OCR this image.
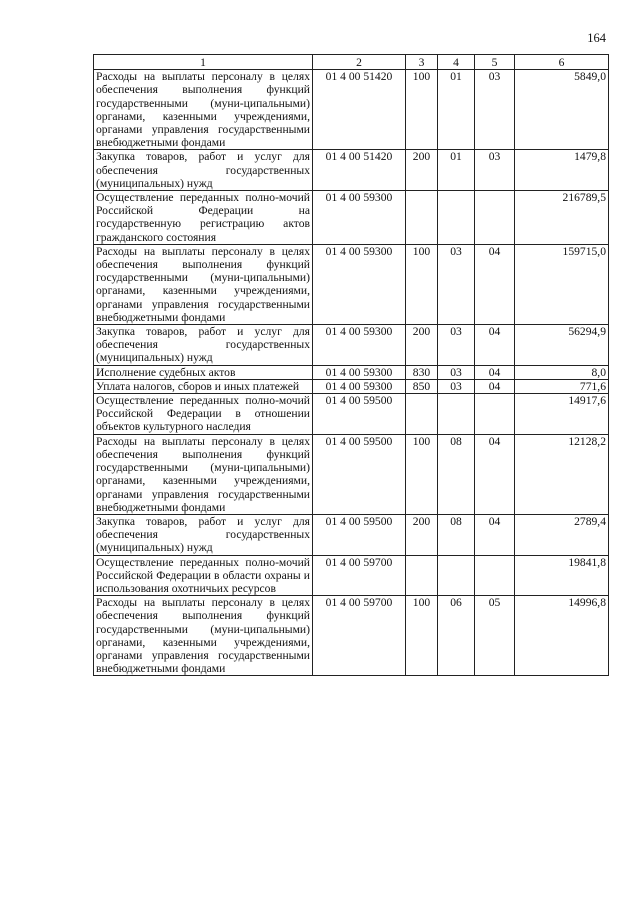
164
1	2	3	4	5	6
Расходы на выплаты персоналу в целях обеспечения выполнения функций государственными (муни-ципальными) органами, казенными учреждениями, органами управления государственными внебюджетными фондами	01 4 00 51420	100	01	03	5849,0
Закупка товаров, работ и услуг для обеспечения государственных (муниципальных) нужд	01 4 00 51420	200	01	03	1479,8
Осуществление переданных полно-мочий Российской Федерации на государственную регистрацию актов гражданского состояния	01 4 00 59300				216789,5
Расходы на выплаты персоналу в целях обеспечения выполнения функций государственными (муни-ципальными) органами, казенными учреждениями, органами управления государственными внебюджетными фондами	01 4 00 59300	100	03	04	159715,0
Закупка товаров, работ и услуг для обеспечения государственных (муниципальных) нужд	01 4 00 59300	200	03	04	56294,9
Исполнение судебных актов	01 4 00 59300	830	03	04	8,0
Уплата налогов, сборов и иных платежей	01 4 00 59300	850	03	04	771,6
Осуществление переданных полно-мочий Российской Федерации в отношении объектов культурного наследия	01 4 00 59500				14917,6
Расходы на выплаты персоналу в целях обеспечения выполнения функций государственными (муни-ципальными) органами, казенными учреждениями, органами управления государственными внебюджетными фондами	01 4 00 59500	100	08	04	12128,2
Закупка товаров, работ и услуг для обеспечения государственных (муниципальных) нужд	01 4 00 59500	200	08	04	2789,4
Осуществление переданных полно-мочий Российской Федерации в области охраны и использования охотничьих ресурсов	01 4 00 59700				19841,8
Расходы на выплаты персоналу в целях обеспечения выполнения функций государственными (муни-ципальными) органами, казенными учреждениями, органами управления государственными внебюджетными фондами	01 4 00 59700	100	06	05	14996,8
